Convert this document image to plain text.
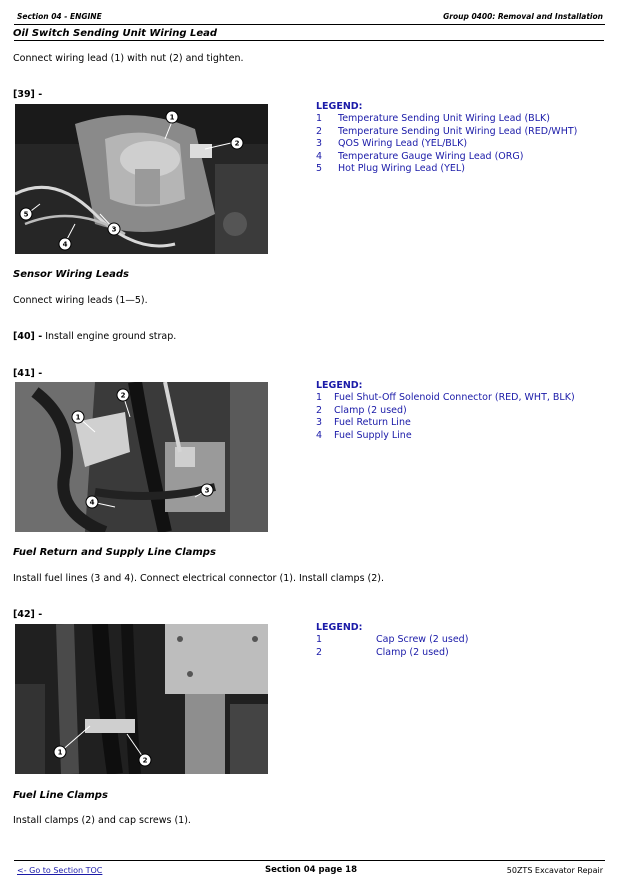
Section 04 - ENGINE	Group 0400: Removal and Installation
Oil Switch Sending Unit Wiring Lead
Connect wiring lead (1) with nut (2) and tighten.
[39] -
1
2
3
4
5
LEGEND:
1	Temperature Sending Unit Wiring Lead (BLK)
2	Temperature Sending Unit Wiring Lead (RED/WHT)
3	QOS Wiring Lead (YEL/BLK)
4	Temperature Gauge Wiring Lead (ORG)
5	Hot Plug Wiring Lead (YEL)
Sensor Wiring Leads
Connect wiring leads (1—5).
[40] - Install engine ground strap.
[41] -
1
2
3
4
LEGEND:
1	Fuel Shut-Off Solenoid Connector (RED, WHT, BLK)
2	Clamp (2 used)
3	Fuel Return Line
4	Fuel Supply Line
Fuel Return and Supply Line Clamps
Install fuel lines (3 and 4). Connect electrical connector (1). Install clamps (2).
[42] -
1
2
LEGEND:
1	Cap Screw (2 used)
2	Clamp (2 used)
Fuel Line Clamps
Install clamps (2) and cap screws (1).
<- Go to Section TOC	Section 04 page 18	50ZTS Excavator Repair
